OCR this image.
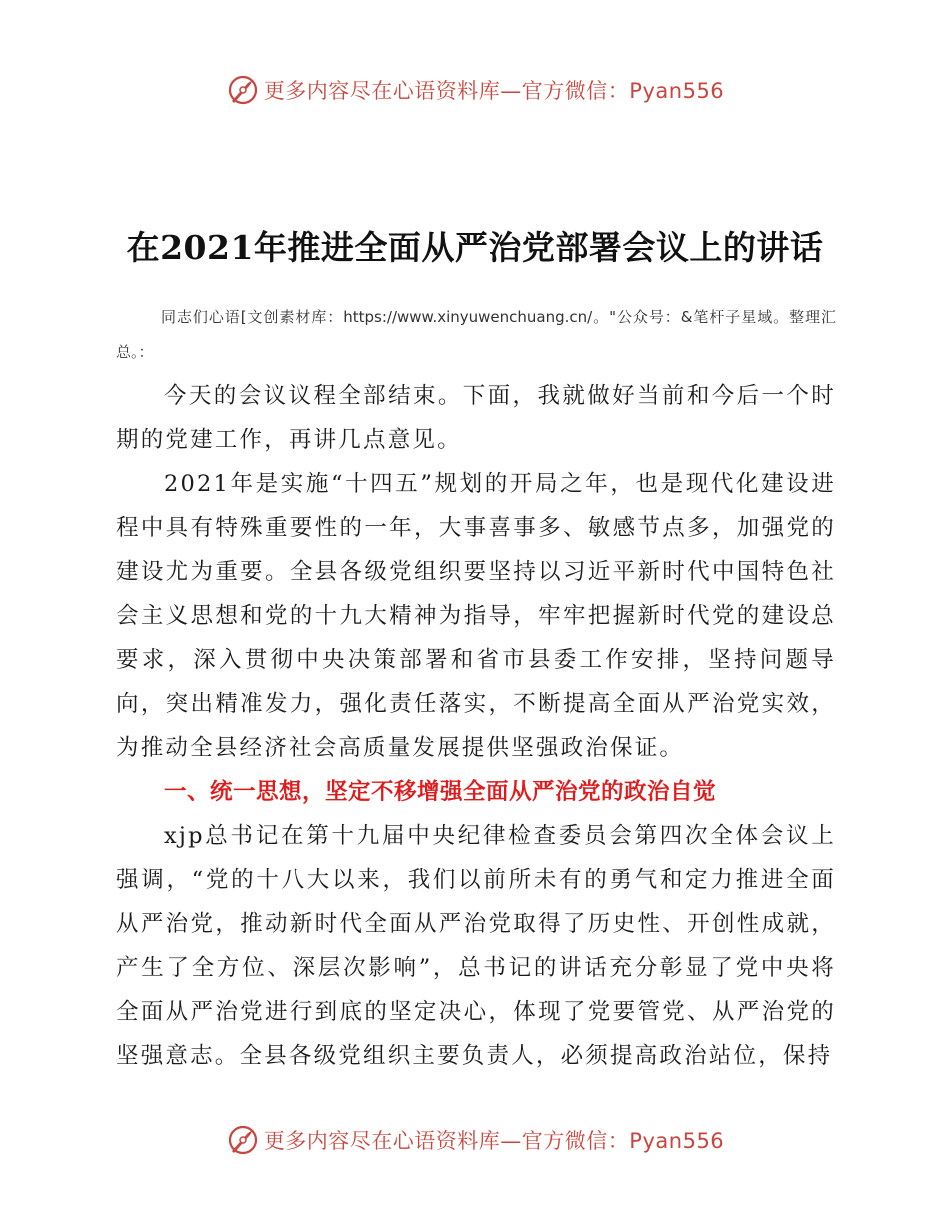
更多内容尽在心语资料库—官方微信：Pyan556
在2021年推进全面从严治党部署会议上的讲话

同志们心语[文创素材库：https://www.xinyuwenchuang.cn/。"公众号：&笔杆子星域。整理汇总。：

今天的会议议程全部结束。下面，我就做好当前和今后一个时期的党建工作，再讲几点意见。

2021年是实施“十四五”规划的开局之年，也是现代化建设进程中具有特殊重要性的一年，大事喜事多、敏感节点多，加强党的建设尤为重要。全县各级党组织要坚持以习近平新时代中国特色社会主义思想和党的十九大精神为指导，牢牢把握新时代党的建设总要求，深入贯彻中央决策部署和省市县委工作安排，坚持问题导向，突出精准发力，强化责任落实，不断提高全面从严治党实效，为推动全县经济社会高质量发展提供坚强政治保证。

一、统一思想，坚定不移增强全面从严治党的政治自觉

xjp总书记在第十九届中央纪律检查委员会第四次全体会议上强调，“党的十八大以来，我们以前所未有的勇气和定力推进全面从严治党，推动新时代全面从严治党取得了历史性、开创性成就，产生了全方位、深层次影响”，总书记的讲话充分彰显了党中央将全面从严治党进行到底的坚定决心，体现了党要管党、从严治党的坚强意志。全县各级党组织主要负责人，必须提高政治站位，保持

更多内容尽在心语资料库—官方微信：Pyan556
